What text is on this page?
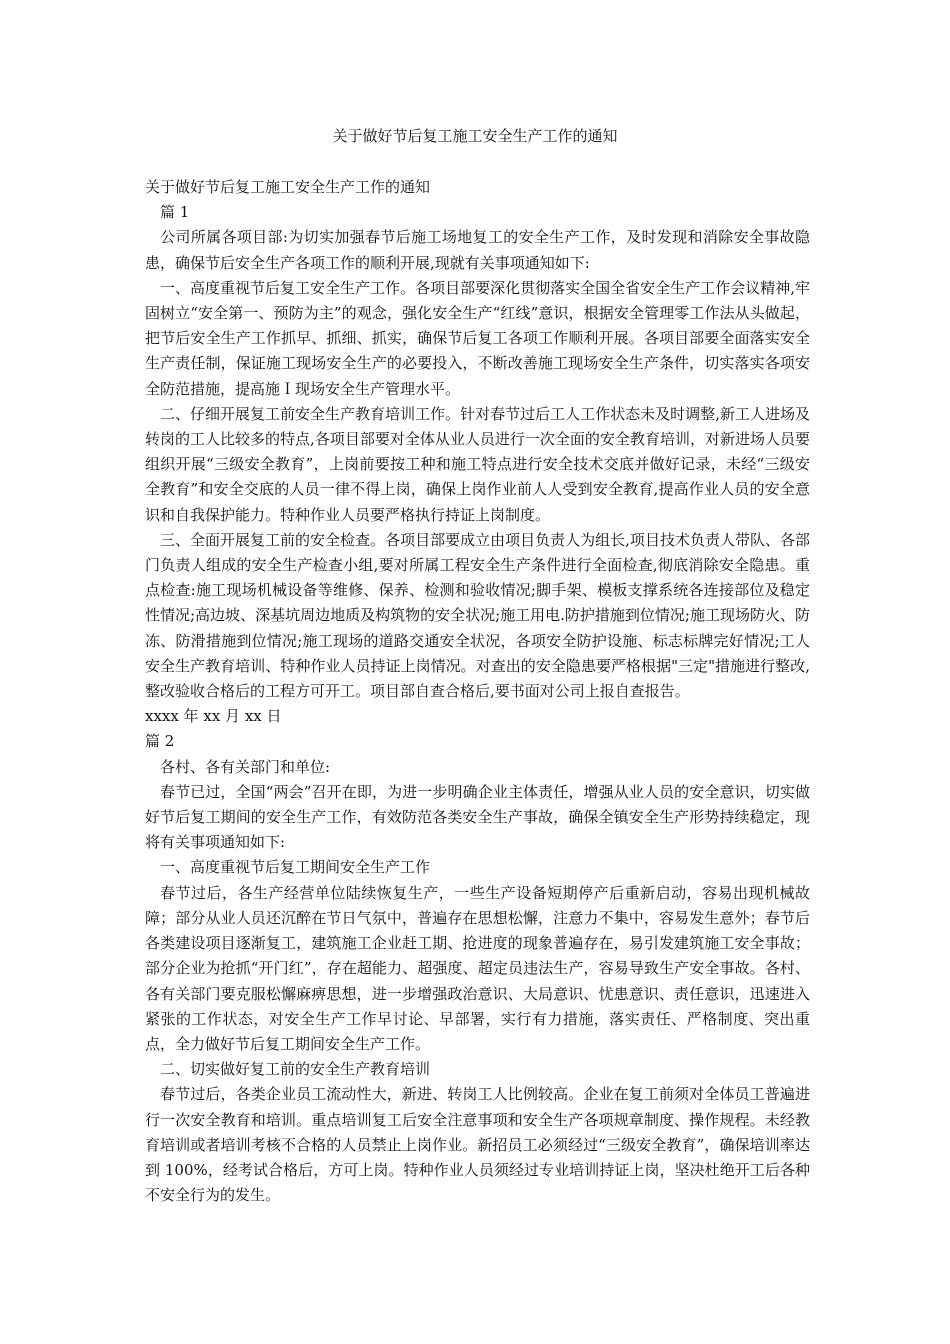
关于做好节后复工施工安全生产工作的通知

关于做好节后复工施工安全生产工作的通知

篇 1

公司所属各项目部:为切实加强春节后施工场地复工的安全生产工作，及时发现和消除安全事故隐患，确保节后安全生产各项工作的顺利开展,现就有关事项通知如下:

一、高度重视节后复工安全生产工作。各项目部要深化贯彻落实全国全省安全生产工作会议精神,牢固树立“安全第一、预防为主”的观念，强化安全生产“红线”意识，根据安全管理零工作法从头做起，把节后安全生产工作抓早、抓细、抓实，确保节后复工各项工作顺利开展。各项目部要全面落实安全生产责任制，保证施工现场安全生产的必要投入，不断改善施工现场安全生产条件，切实落实各项安全防范措施，提高施Ｉ现场安全生产管理水平。

二、仔细开展复工前安全生产教育培训工作。针对春节过后工人工作状态未及时调整,新工人进场及转岗的工人比较多的特点,各项目部要对全体从业人员进行一次全面的安全教育培训，对新进场人员要组织开展“三级安全教育”，上岗前要按工种和施工特点进行安全技术交底并做好记录，未经“三级安全教育”和安全交底的人员一律不得上岗，确保上岗作业前人人受到安全教育,提高作业人员的安全意识和自我保护能力。特种作业人员要严格执行持证上岗制度。

三、全面开展复工前的安全检查。各项目部要成立由项目负责人为组长,项目技术负责人带队、各部门负责人组成的安全生产检查小组,要对所属工程安全生产条件进行全面检查,彻底消除安全隐患。重点检查:施工现场机械设备等维修、保养、检测和验收情况;脚手架、模板支撑系统各连接部位及稳定性情况;高边坡、深基坑周边地质及构筑物的安全状况;施工用电.防护措施到位情况;施工现场防火、防冻、防滑措施到位情况;施工现场的道路交通安全状况，各项安全防护设施、标志标牌完好情况;工人安全生产教育培训、特种作业人员持证上岗情况。对查出的安全隐患要严格根据"三定"措施进行整改,整改验收合格后的工程方可开工。项目部自查合格后,要书面对公司上报自查报告。

xxxx 年 xx 月 xx 日

篇 2

各村、各有关部门和单位:

春节已过，全国“两会”召开在即，为进一步明确企业主体责任，增强从业人员的安全意识，切实做好节后复工期间的安全生产工作，有效防范各类安全生产事故，确保全镇安全生产形势持续稳定，现将有关事项通知如下:

一、高度重视节后复工期间安全生产工作

春节过后，各生产经营单位陆续恢复生产，一些生产设备短期停产后重新启动，容易出现机械故障；部分从业人员还沉醉在节日气氛中，普遍存在思想松懈，注意力不集中，容易发生意外；春节后各类建设项目逐渐复工，建筑施工企业赶工期、抢进度的现象普遍存在，易引发建筑施工安全事故；部分企业为抢抓“开门红”，存在超能力、超强度、超定员违法生产，容易导致生产安全事故。各村、各有关部门要克服松懈麻痹思想，进一步增强政治意识、大局意识、忧患意识、责任意识，迅速进入紧张的工作状态，对安全生产工作早讨论、早部署，实行有力措施，落实责任、严格制度、突出重点，全力做好节后复工期间安全生产工作。

二、切实做好复工前的安全生产教育培训

春节过后，各类企业员工流动性大，新进、转岗工人比例较高。企业在复工前须对全体员工普遍进行一次安全教育和培训。重点培训复工后安全注意事项和安全生产各项规章制度、操作规程。未经教育培训或者培训考核不合格的人员禁止上岗作业。新招员工必须经过“三级安全教育”，确保培训率达到 100%，经考试合格后，方可上岗。特种作业人员须经过专业培训持证上岗，坚决杜绝开工后各种不安全行为的发生。
